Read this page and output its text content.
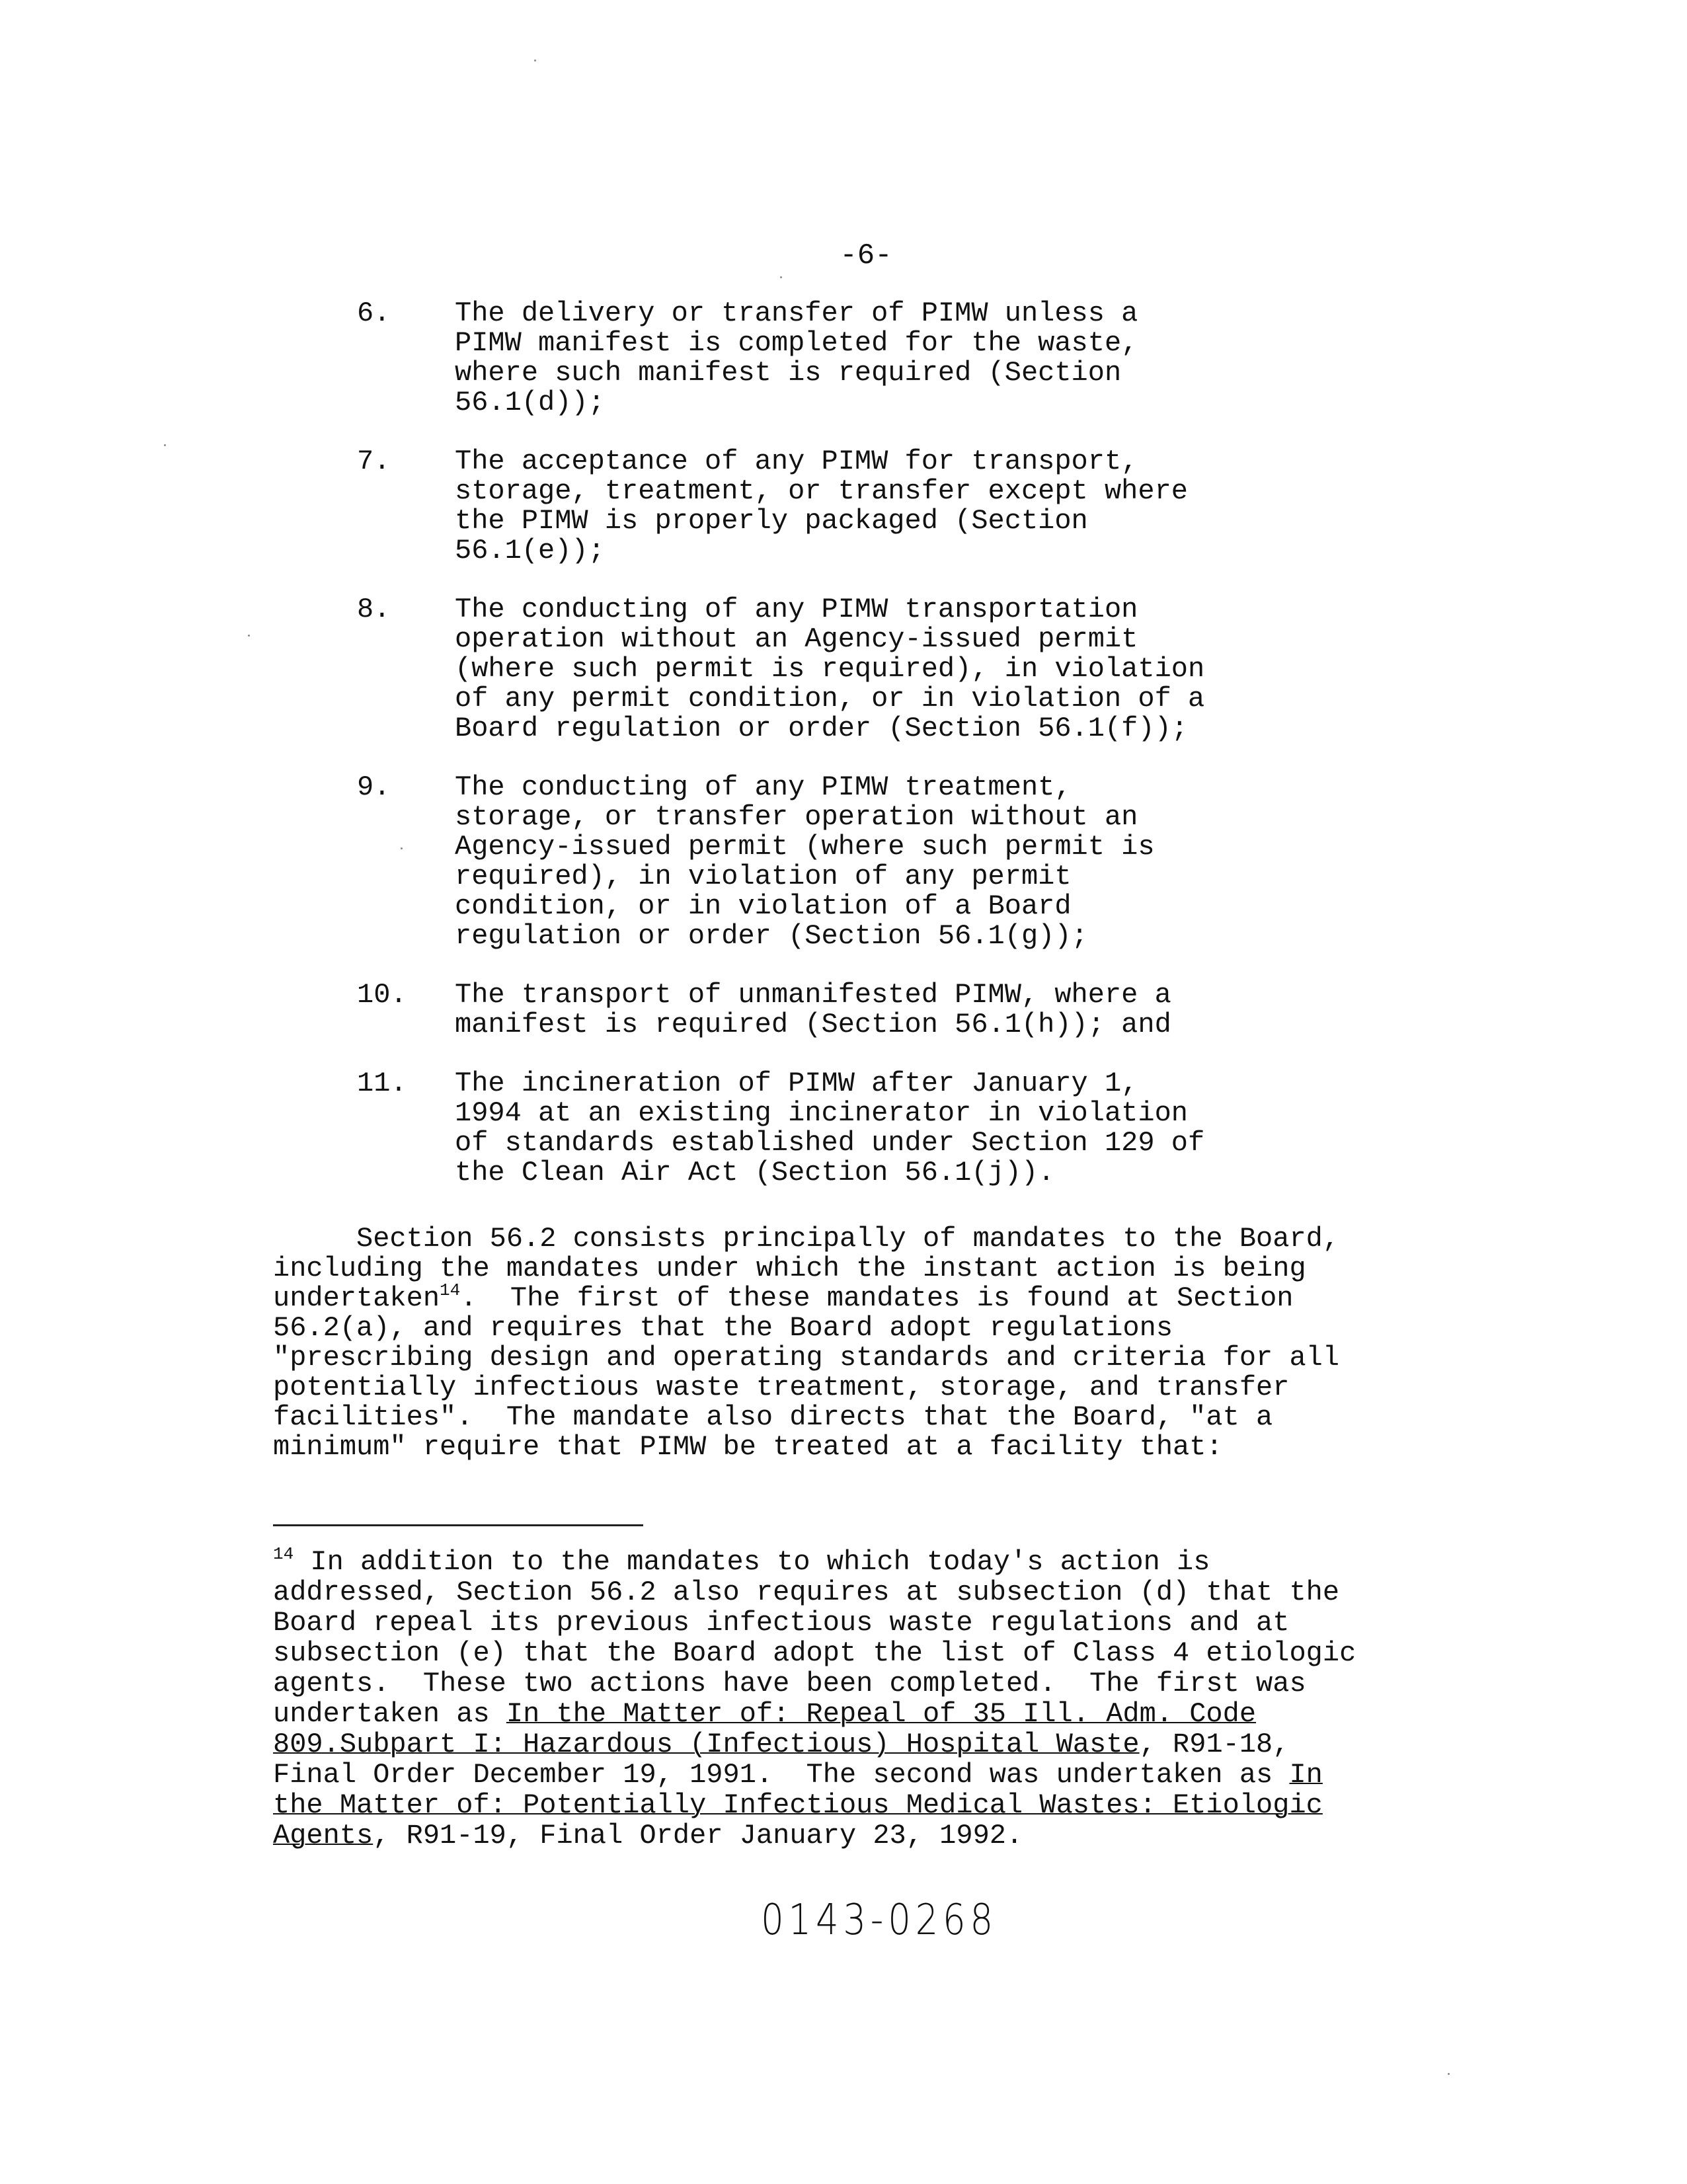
-6-
6.	The delivery or transfer of PIMW unless a
PIMW manifest is completed for the waste,
where such manifest is required (Section
56.1(d));
7.	The acceptance of any PIMW for transport,
storage, treatment, or transfer except where
the PIMW is properly packaged (Section
56.1(e));
8.	The conducting of any PIMW transportation
operation without an Agency-issued permit
(where such permit is required), in violation
of any permit condition, or in violation of a
Board regulation or order (Section 56.1(f));
9.	The conducting of any PIMW treatment,
storage, or transfer operation without an
Agency-issued permit (where such permit is
required), in violation of any permit
condition, or in violation of a Board
regulation or order (Section 56.1(g));
10.	The transport of unmanifested PIMW, where a
manifest is required (Section 56.1(h)); and
11.	The incineration of PIMW after January 1,
1994 at an existing incinerator in violation
of standards established under Section 129 of
the Clean Air Act (Section 56.1(j)).
Section 56.2 consists principally of mandates to the Board,
including the mandates under which the instant action is being
undertaken$^{14}$.  The first of these mandates is found at Section
56.2(a), and requires that the Board adopt regulations
"prescribing design and operating standards and criteria for all
potentially infectious waste treatment, storage, and transfer
facilities".  The mandate also directs that the Board, "at a
minimum" require that PIMW be treated at a facility that:
$^{14}$ In addition to the mandates to which today's action is
addressed, Section 56.2 also requires at subsection (d) that the
Board repeal its previous infectious waste regulations and at
subsection (e) that the Board adopt the list of Class 4 etiologic
agents.  These two actions have been completed.  The first was
undertaken as In the Matter of: Repeal of 35 Ill. Adm. Code
809.Subpart I: Hazardous (Infectious) Hospital Waste, R91-18,
Final Order December 19, 1991.  The second was undertaken as In
the Matter of: Potentially Infectious Medical Wastes: Etiologic
Agents, R91-19, Final Order January 23, 1992.
0143-0268
